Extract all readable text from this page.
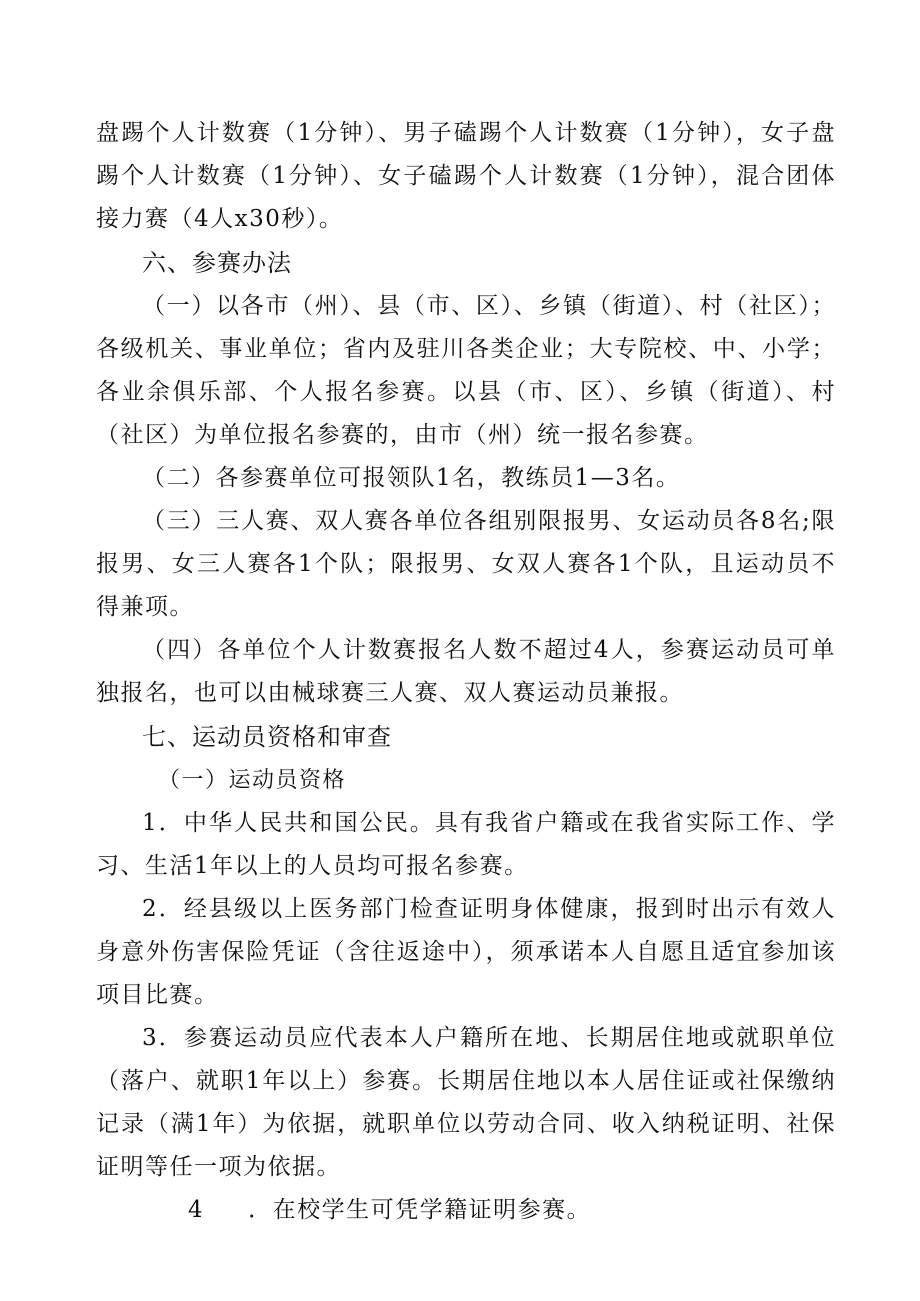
盘踢个人计数赛（1分钟）、男子磕踢个人计数赛（1分钟），女子盘踢个人计数赛（1分钟）、女子磕踢个人计数赛（1分钟），混合团体接力赛（4人x30秒）。

六、参赛办法

（一）以各市（州）、县（市、区）、乡镇（街道）、村（社区）；各级机关、事业单位；省内及驻川各类企业；大专院校、中、小学；各业余俱乐部、个人报名参赛。以县（市、区）、乡镇（街道）、村（社区）为单位报名参赛的，由市（州）统一报名参赛。

（二）各参赛单位可报领队1名，教练员1—3名。

（三）三人赛、双人赛各单位各组别限报男、女运动员各8名;限报男、女三人赛各1个队；限报男、女双人赛各1个队，且运动员不得兼项。

（四）各单位个人计数赛报名人数不超过4人，参赛运动员可单独报名，也可以由械球赛三人赛、双人赛运动员兼报。

七、运动员资格和审查

（一）运动员资格

1．中华人民共和国公民。具有我省户籍或在我省实际工作、学习、生活1年以上的人员均可报名参赛。

2．经县级以上医务部门检查证明身体健康，报到时出示有效人身意外伤害保险凭证（含往返途中），须承诺本人自愿且适宜参加该项目比赛。

3．参赛运动员应代表本人户籍所在地、长期居住地或就职单位（落户、就职1年以上）参赛。长期居住地以本人居住证或社保缴纳记录（满1年）为依据，就职单位以劳动合同、收入纳税证明、社保证明等任一项为依据。

4 ．在校学生可凭学籍证明参赛。
